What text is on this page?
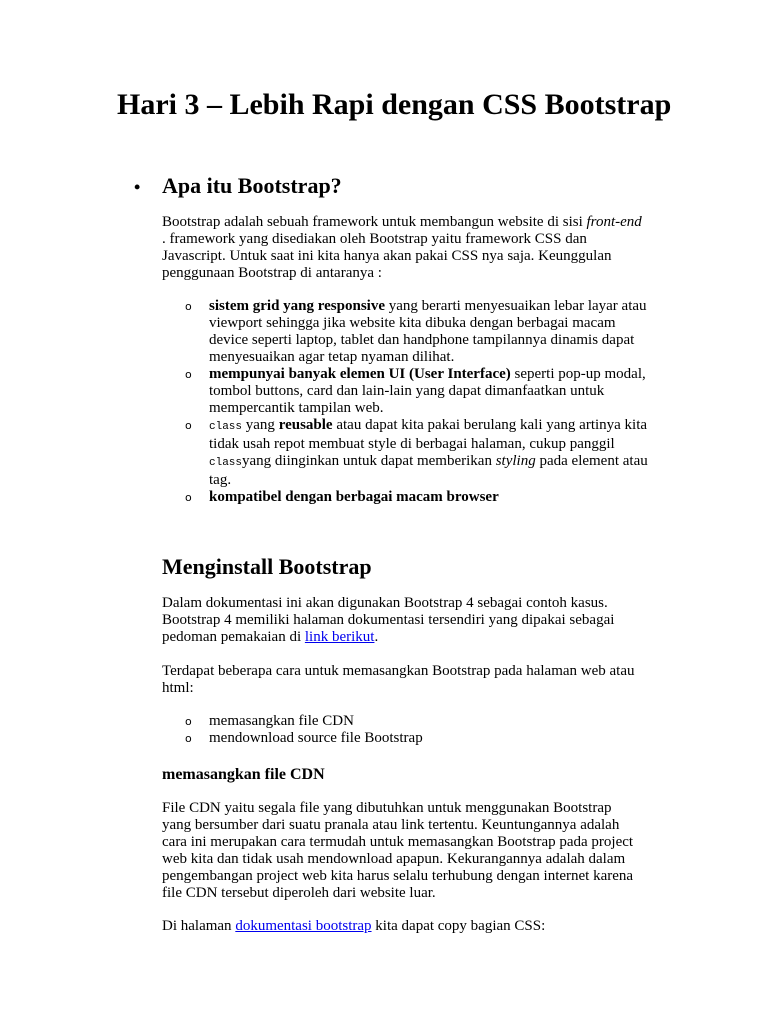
Hari 3 – Lebih Rapi dengan CSS Bootstrap
• Apa itu Bootstrap?

Bootstrap adalah sebuah framework untuk membangun website di sisi front-end . framework yang disediakan oleh Bootstrap yaitu framework CSS dan Javascript. Untuk saat ini kita hanya akan pakai CSS nya saja. Keunggulan penggunaan Bootstrap di antaranya :

o sistem grid yang responsive yang berarti menyesuaikan lebar layar atau viewport sehingga jika website kita dibuka dengan berbagai macam device seperti laptop, tablet dan handphone tampilannya dinamis dapat menyesuaikan agar tetap nyaman dilihat.
o mempunyai banyak elemen UI (User Interface) seperti pop-up modal, tombol buttons, card dan lain-lain yang dapat dimanfaatkan untuk mempercantik tampilan web.
o class yang reusable atau dapat kita pakai berulang kali yang artinya kita tidak usah repot membuat style di berbagai halaman, cukup panggil classyang diinginkan untuk dapat memberikan styling pada element atau tag.
o kompatibel dengan berbagai macam browser
Menginstall Bootstrap

Dalam dokumentasi ini akan digunakan Bootstrap 4 sebagai contoh kasus. Bootstrap 4 memiliki halaman dokumentasi tersendiri yang dipakai sebagai pedoman pemakaian di link berikut.

Terdapat beberapa cara untuk memasangkan Bootstrap pada halaman web atau html:

o memasangkan file CDN
o mendownload source file Bootstrap
memasangkan file CDN

File CDN yaitu segala file yang dibutuhkan untuk menggunakan Bootstrap yang bersumber dari suatu pranala atau link tertentu. Keuntungannya adalah cara ini merupakan cara termudah untuk memasangkan Bootstrap pada project web kita dan tidak usah mendownload apapun. Kekurangannya adalah dalam pengembangan project web kita harus selalu terhubung dengan internet karena file CDN tersebut diperoleh dari website luar.

Di halaman dokumentasi bootstrap kita dapat copy bagian CSS:
